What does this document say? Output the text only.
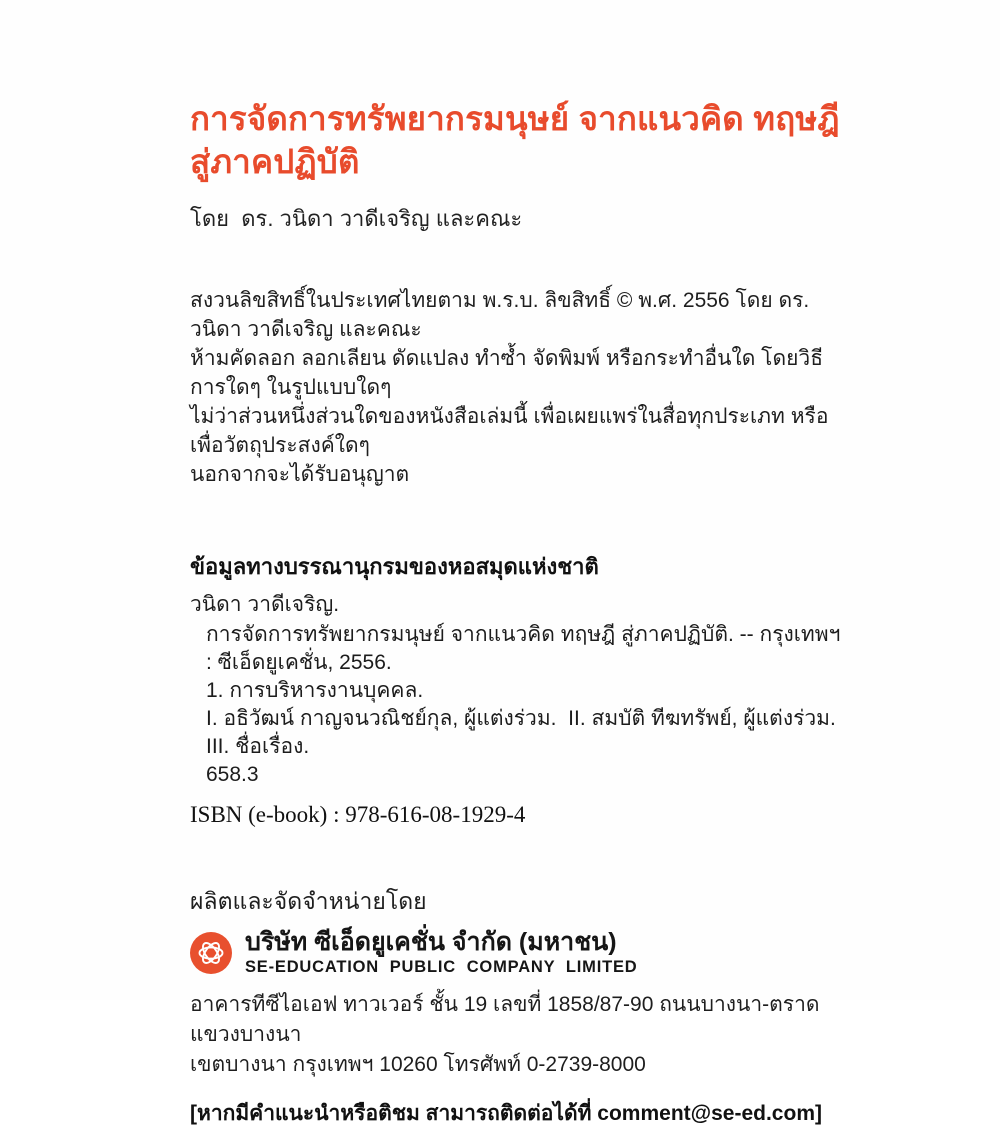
การจัดการทรัพยากรมนุษย์ จากแนวคิด ทฤษฎี สู่ภาคปฏิบัติ

โดย  ดร. วนิดา วาดีเจริญ และคณะ

สงวนลิขสิทธิ์ในประเทศไทยตาม พ.ร.บ. ลิขสิทธิ์ © พ.ศ. 2556 โดย ดร. วนิดา วาดีเจริญ และคณะ

ห้ามคัดลอก ลอกเลียน ดัดแปลง ทำซ้ำ จัดพิมพ์ หรือกระทำอื่นใด โดยวิธีการใดๆ ในรูปแบบใดๆ

ไม่ว่าส่วนหนึ่งส่วนใดของหนังสือเล่มนี้ เพื่อเผยแพร่ในสื่อทุกประเภท หรือเพื่อวัตถุประสงค์ใดๆ

นอกจากจะได้รับอนุญาต

ข้อมูลทางบรรณานุกรมของหอสมุดแห่งชาติ

วนิดา วาดีเจริญ.

การจัดการทรัพยากรมนุษย์ จากแนวคิด ทฤษฎี สู่ภาคปฏิบัติ. -- กรุงเทพฯ : ซีเอ็ดยูเคชั่น, 2556.

1. การบริหารงานบุคคล.

I. อธิวัฒน์ กาญจนวณิชย์กุล, ผู้แต่งร่วม.  II. สมบัติ ทีฆทรัพย์, ผู้แต่งร่วม. III. ชื่อเรื่อง.

658.3

ISBN (e-book) : 978-616-08-1929-4

ผลิตและจัดจำหน่ายโดย

บริษัท ซีเอ็ดยูเคชั่น จำกัด (มหาชน)
SE-EDUCATION  PUBLIC  COMPANY  LIMITED

อาคารทีซีไอเอฟ ทาวเวอร์ ชั้น 19 เลขที่ 1858/87-90 ถนนบางนา-ตราด แขวงบางนา

เขตบางนา กรุงเทพฯ 10260 โทรศัพท์ 0-2739-8000

[หากมีคำแนะนำหรือติชม สามารถติดต่อได้ที่ comment@se-ed.com]
